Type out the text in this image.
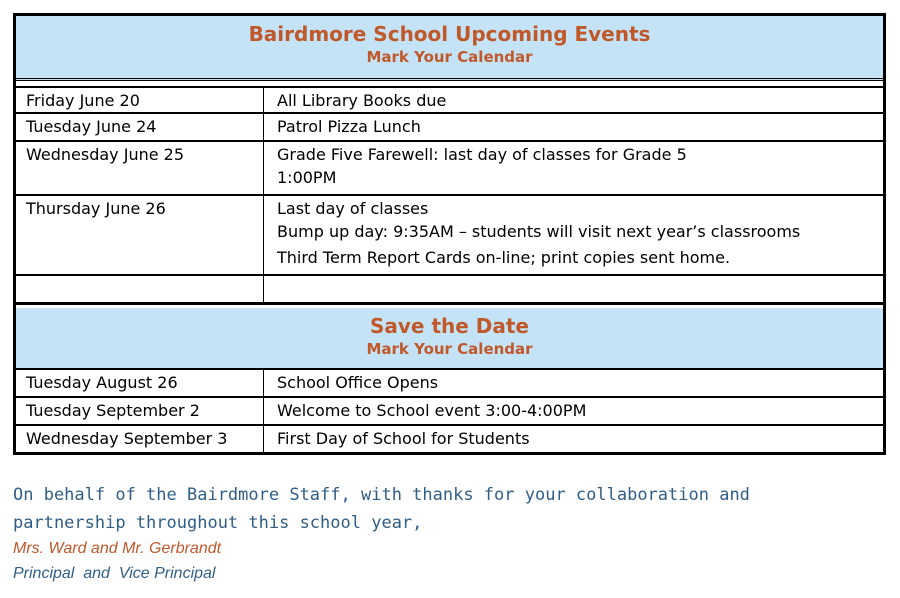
Bairdmore School Upcoming Events
Mark Your Calendar
Friday June 20	All Library Books due
Tuesday June 24	Patrol Pizza Lunch
Wednesday June 25	Grade Five Farewell: last day of classes for Grade 5
1:00PM
Thursday June 26	Last day of classes
Bump up day: 9:35AM – students will visit next year’s classrooms
Third Term Report Cards on-line; print copies sent home.
Save the Date
Mark Your Calendar
Tuesday August 26	School Office Opens
Tuesday September 2	Welcome to School event 3:00-4:00PM
Wednesday September 3	First Day of School for Students
On behalf of the Bairdmore Staff, with thanks for your collaboration and
partnership throughout this school year,
Mrs. Ward and Mr. Gerbrandt
Principal  and  Vice Principal
